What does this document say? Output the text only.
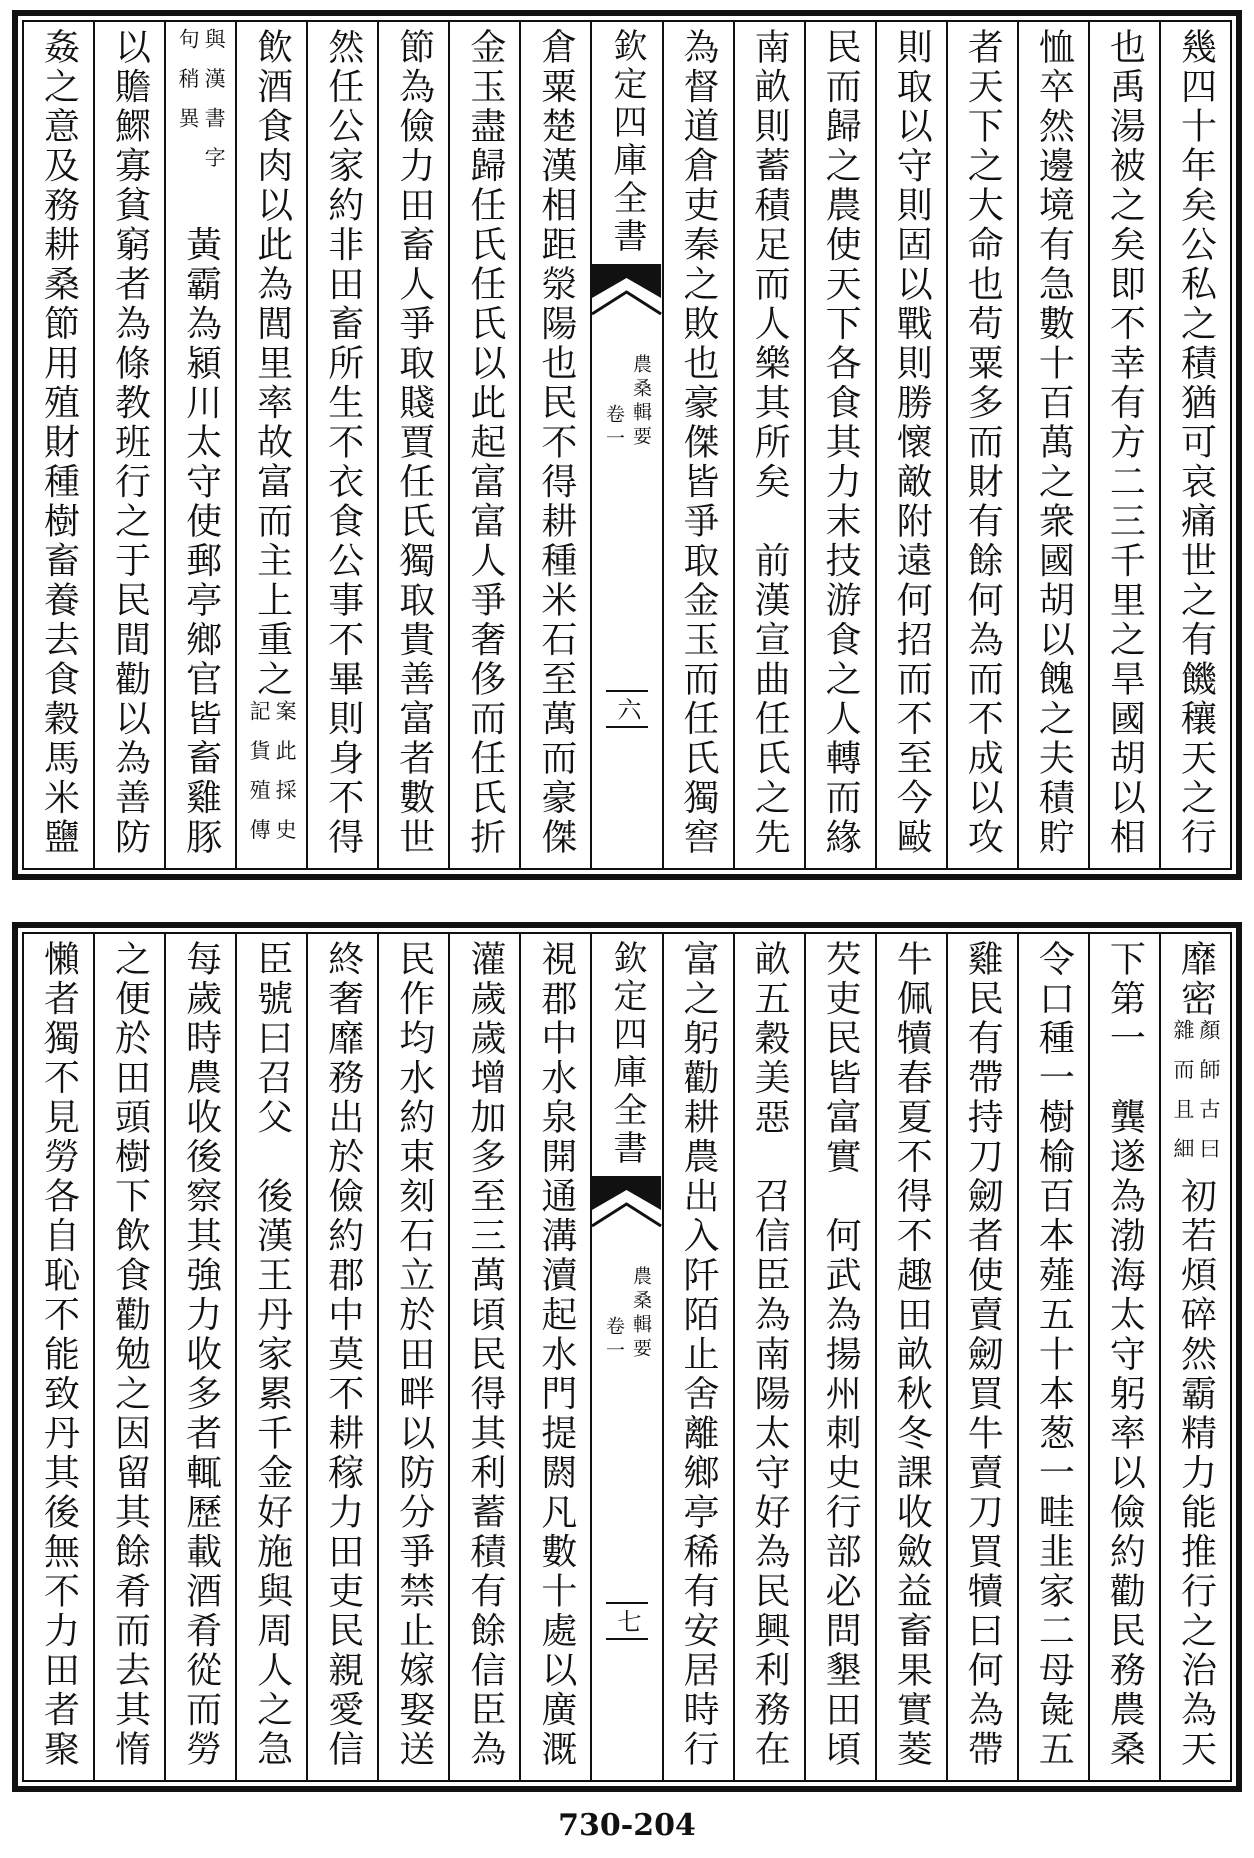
幾四十年矣公私之積猶可哀痛世之有饑穰天之行
也禹湯被之矣即不幸有方二三千里之旱國胡以相
恤卒然邊境有急數十百萬之衆國胡以餽之夫積貯
者天下之大命也苟粟多而財有餘何為而不成以攻
則取以守則固以戰則勝懷敵附遠何招而不至今敺
民而歸之農使天下各食其力末技游食之人轉而緣
南畝則蓄積足而人樂其所矣　前漢宣曲任氏之先
為督道倉吏秦之敗也豪傑皆爭取金玉而任氏獨窖
欽定四庫全書
農桑輯要
卷一
六
倉粟楚漢相距滎陽也民不得耕種米石至萬而豪傑
金玉盡歸任氏任氏以此起富富人爭奢侈而任氏折
節為儉力田畜人爭取賤賈任氏獨取貴善富者數世
然任公家約非田畜所生不衣食公事不畢則身不得
飲酒食肉以此為閭里率故富而主上重之
案此採史
記貨殖傳
與漢書字
句稍異
　黃霸為潁川太守使郵亭鄉官皆畜雞豚
以贍鰥寡貧窮者為條教班行之于民間勸以為善防
姦之意及務耕桑節用殖財種樹畜養去食穀馬米鹽
靡密
顏師古曰
雜而且細
初若煩碎然霸精力能推行之治為天
下第一　龔遂為渤海太守躬率以儉約勸民務農桑
令口種一樹榆百本薤五十本葱一畦韭家二母彘五
雞民有帶持刀劒者使賣劒買牛賣刀買犢曰何為帶
牛佩犢春夏不得不趣田畝秋冬課收斂益畜果實菱
芡吏民皆富實　何武為揚州刺史行部必問墾田頃
畝五穀美惡　召信臣為南陽太守好為民興利務在
富之躬勸耕農出入阡陌止舍離鄉亭稀有安居時行
欽定四庫全書
農桑輯要
卷一
七
視郡中水泉開通溝瀆起水門提閼凡數十處以廣溉
灌歲歲增加多至三萬頃民得其利蓄積有餘信臣為
民作均水約束刻石立於田畔以防分爭禁止嫁娶送
終奢靡務出於儉約郡中莫不耕稼力田吏民親愛信
臣號曰召父　後漢王丹家累千金好施與周人之急
每歲時農收後察其強力收多者輒歷載酒肴從而勞
之便於田頭樹下飲食勸勉之因留其餘肴而去其惰
懶者獨不見勞各自恥不能致丹其後無不力田者聚
730-204
